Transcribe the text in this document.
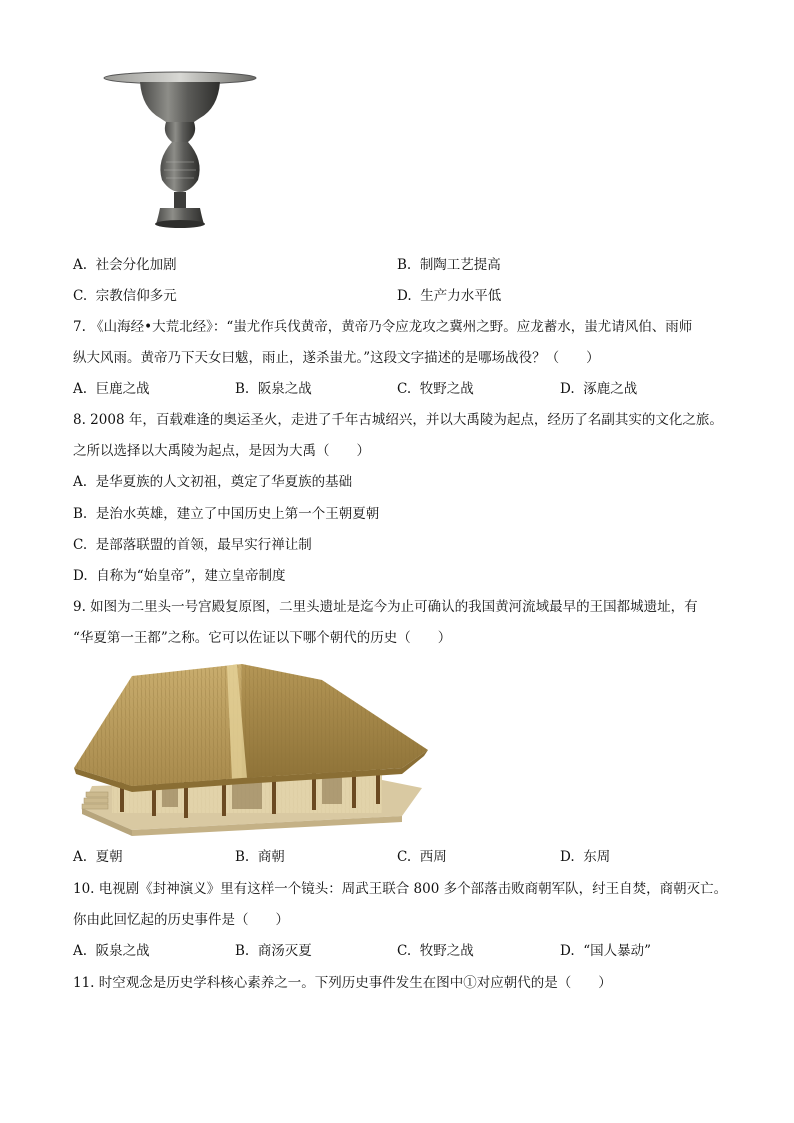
A. 社会分化加剧	B. 制陶工艺提高
C. 宗教信仰多元	D. 生产力水平低
7. 《山海经•大荒北经》：“蚩尤作兵伐黄帝，黄帝乃令应龙攻之冀州之野。应龙蓄水，蚩尤请风伯、雨师
纵大风雨。黄帝乃下天女曰魃，雨止，遂杀蚩尤。”这段文字描述的是哪场战役？（　　）
A. 巨鹿之战	B. 阪泉之战	C. 牧野之战	D. 涿鹿之战
8. 2008 年，百载难逢的奥运圣火，走进了千年古城绍兴，并以大禹陵为起点，经历了名副其实的文化之旅。
之所以选择以大禹陵为起点，是因为大禹（　　）
A. 是华夏族的人文初祖，奠定了华夏族的基础
B. 是治水英雄，建立了中国历史上第一个王朝夏朝
C. 是部落联盟的首领，最早实行禅让制
D. 自称为“始皇帝”，建立皇帝制度
9. 如图为二里头一号宫殿复原图，二里头遗址是迄今为止可确认的我国黄河流域最早的王国都城遗址，有
“华夏第一王都”之称。它可以佐证以下哪个朝代的历史（　　）
A. 夏朝	B. 商朝	C. 西周	D. 东周
10. 电视剧《封神演义》里有这样一个镜头：周武王联合 800 多个部落击败商朝军队，纣王自焚，商朝灭亡。
你由此回忆起的历史事件是（　　）
A. 阪泉之战	B. 商汤灭夏	C. 牧野之战	D. “国人暴动”
11. 时空观念是历史学科核心素养之一。下列历史事件发生在图中①对应朝代的是（　　）
